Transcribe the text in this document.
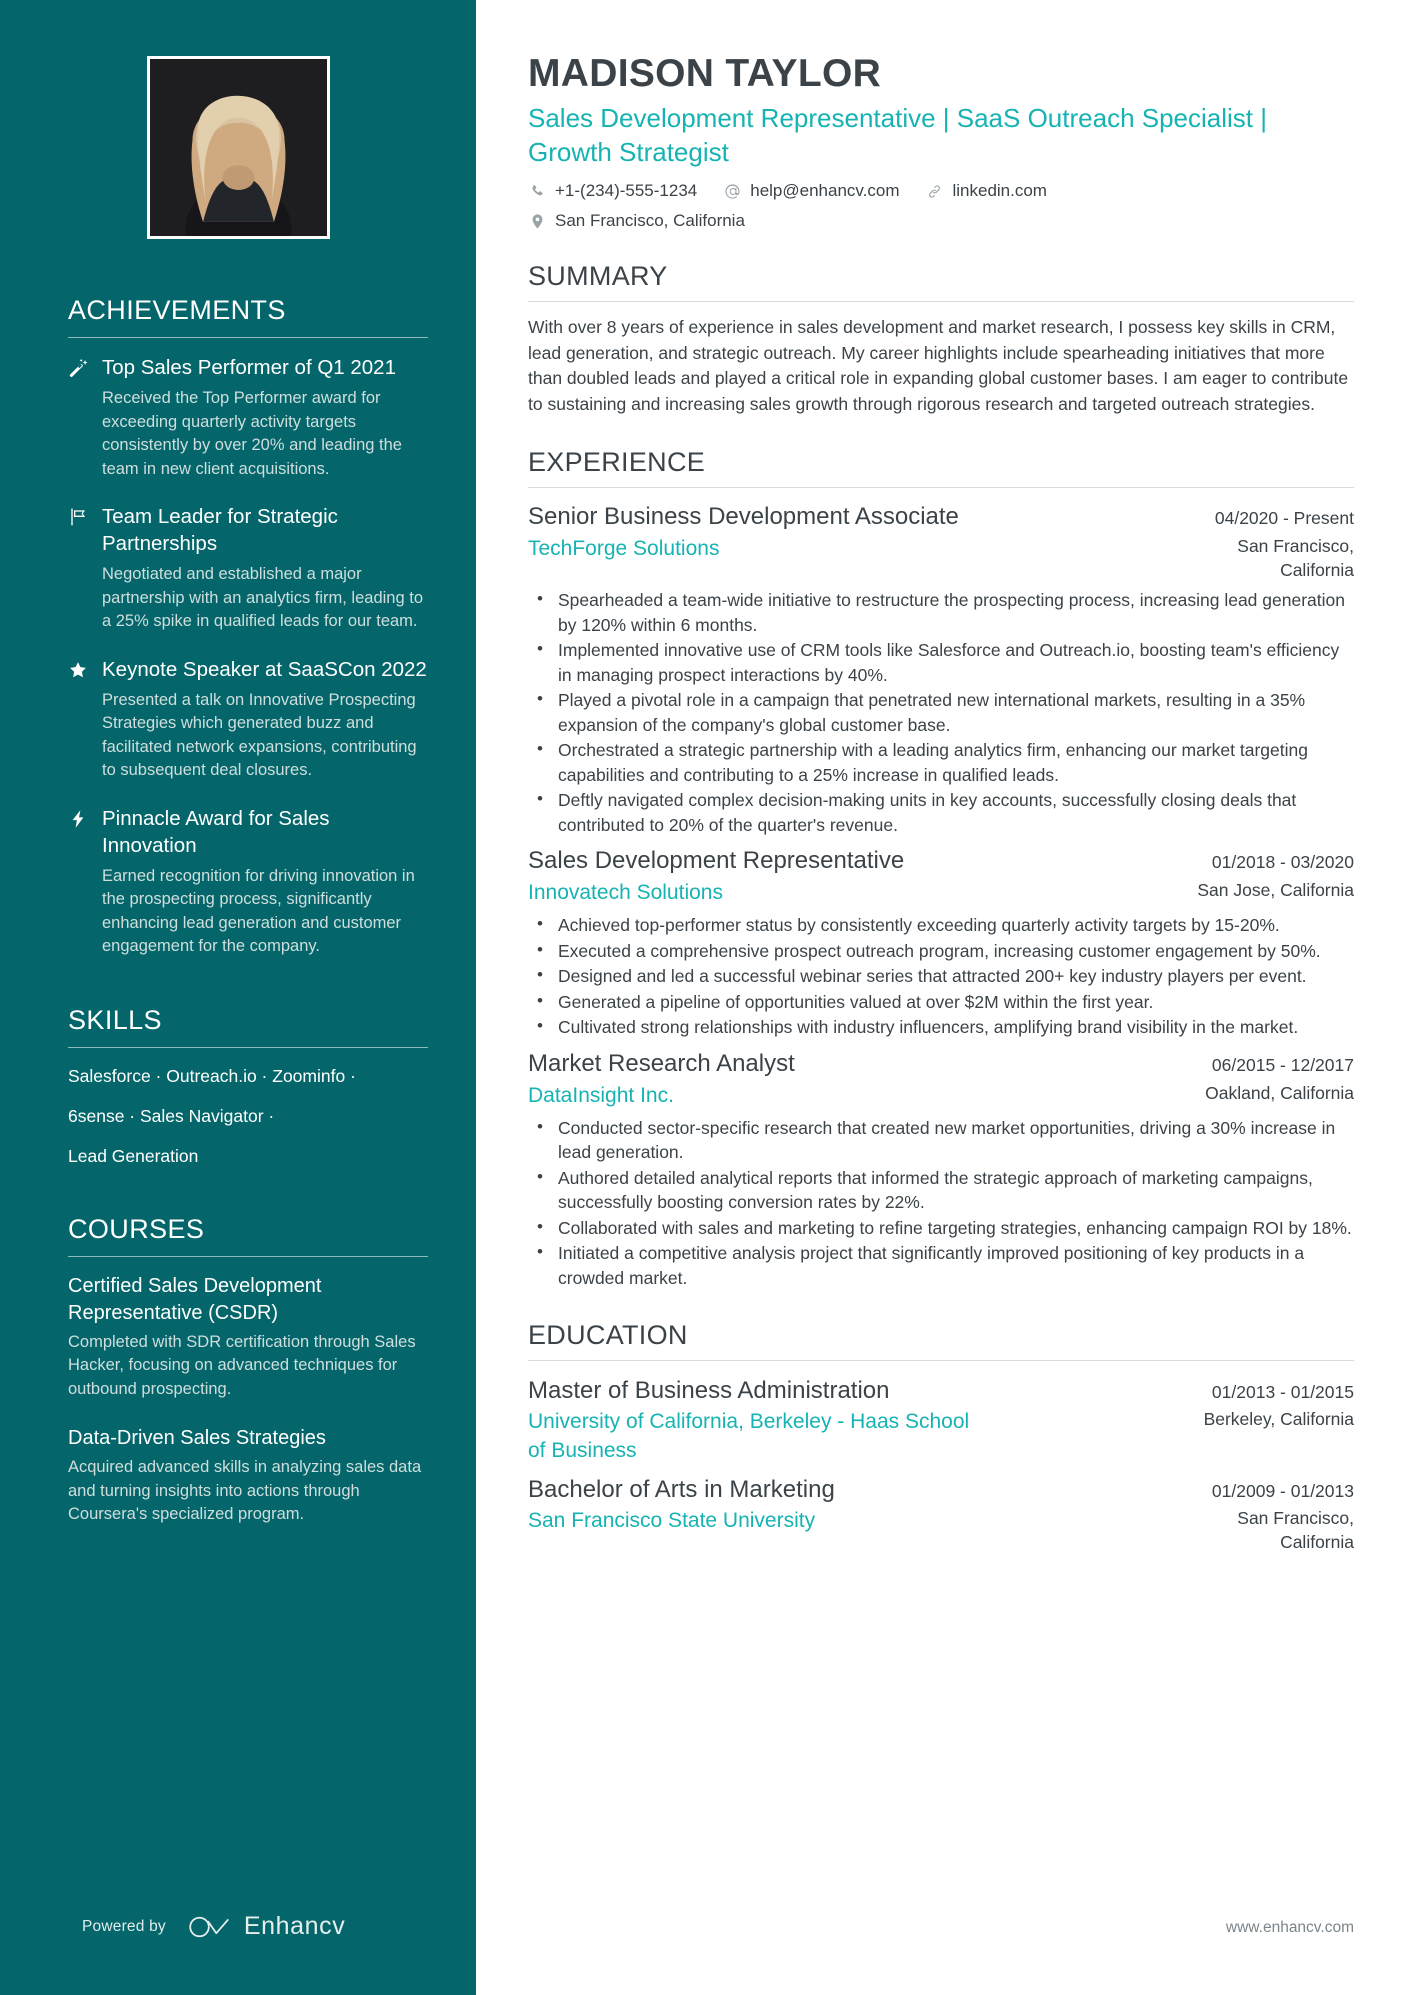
ACHIEVEMENTS
Top Sales Performer of Q1 2021
Received the Top Performer award for exceeding quarterly activity targets consistently by over 20% and leading the team in new client acquisitions.
Team Leader for Strategic Partnerships
Negotiated and established a major partnership with an analytics firm, leading to a 25% spike in qualified leads for our team.
Keynote Speaker at SaaSCon 2022
Presented a talk on Innovative Prospecting Strategies which generated buzz and facilitated network expansions, contributing to subsequent deal closures.
Pinnacle Award for Sales Innovation
Earned recognition for driving innovation in the prospecting process, significantly enhancing lead generation and customer engagement for the company.
SKILLS
Salesforce · Outreach.io · Zoominfo ·
6sense · Sales Navigator ·
Lead Generation
COURSES
Certified Sales Development Representative (CSDR)
Completed with SDR certification through Sales Hacker, focusing on advanced techniques for outbound prospecting.
Data-Driven Sales Strategies
Acquired advanced skills in analyzing sales data and turning insights into actions through Coursera's specialized program.
Powered by	Enhancv
MADISON TAYLOR
Sales Development Representative | SaaS Outreach Specialist | Growth Strategist
+1-(234)-555-1234	help@enhancv.com	linkedin.com
San Francisco, California
SUMMARY

With over 8 years of experience in sales development and market research, I possess key skills in CRM, lead generation, and strategic outreach. My career highlights include spearheading initiatives that more than doubled leads and played a critical role in expanding global customer bases. I am eager to contribute to sustaining and increasing sales growth through rigorous research and targeted outreach strategies.

EXPERIENCE
Senior Business Development Associate	04/2020 - Present
TechForge Solutions	San Francisco, California
• Spearheaded a team-wide initiative to restructure the prospecting process, increasing lead generation by 120% within 6 months.
• Implemented innovative use of CRM tools like Salesforce and Outreach.io, boosting team's efficiency in managing prospect interactions by 40%.
• Played a pivotal role in a campaign that penetrated new international markets, resulting in a 35% expansion of the company's global customer base.
• Orchestrated a strategic partnership with a leading analytics firm, enhancing our market targeting capabilities and contributing to a 25% increase in qualified leads.
• Deftly navigated complex decision-making units in key accounts, successfully closing deals that contributed to 20% of the quarter's revenue.
Sales Development Representative	01/2018 - 03/2020
Innovatech Solutions	San Jose, California
• Achieved top-performer status by consistently exceeding quarterly activity targets by 15-20%.
• Executed a comprehensive prospect outreach program, increasing customer engagement by 50%.
• Designed and led a successful webinar series that attracted 200+ key industry players per event.
• Generated a pipeline of opportunities valued at over $2M within the first year.
• Cultivated strong relationships with industry influencers, amplifying brand visibility in the market.
Market Research Analyst	06/2015 - 12/2017
DataInsight Inc.	Oakland, California
• Conducted sector-specific research that created new market opportunities, driving a 30% increase in lead generation.
• Authored detailed analytical reports that informed the strategic approach of marketing campaigns, successfully boosting conversion rates by 22%.
• Collaborated with sales and marketing to refine targeting strategies, enhancing campaign ROI by 18%.
• Initiated a competitive analysis project that significantly improved positioning of key products in a crowded market.
EDUCATION
Master of Business Administration	01/2013 - 01/2015
University of California, Berkeley - Haas School of Business
Berkeley, California
Bachelor of Arts in Marketing	01/2009 - 01/2013
San Francisco State University	San Francisco, California
www.enhancv.com
